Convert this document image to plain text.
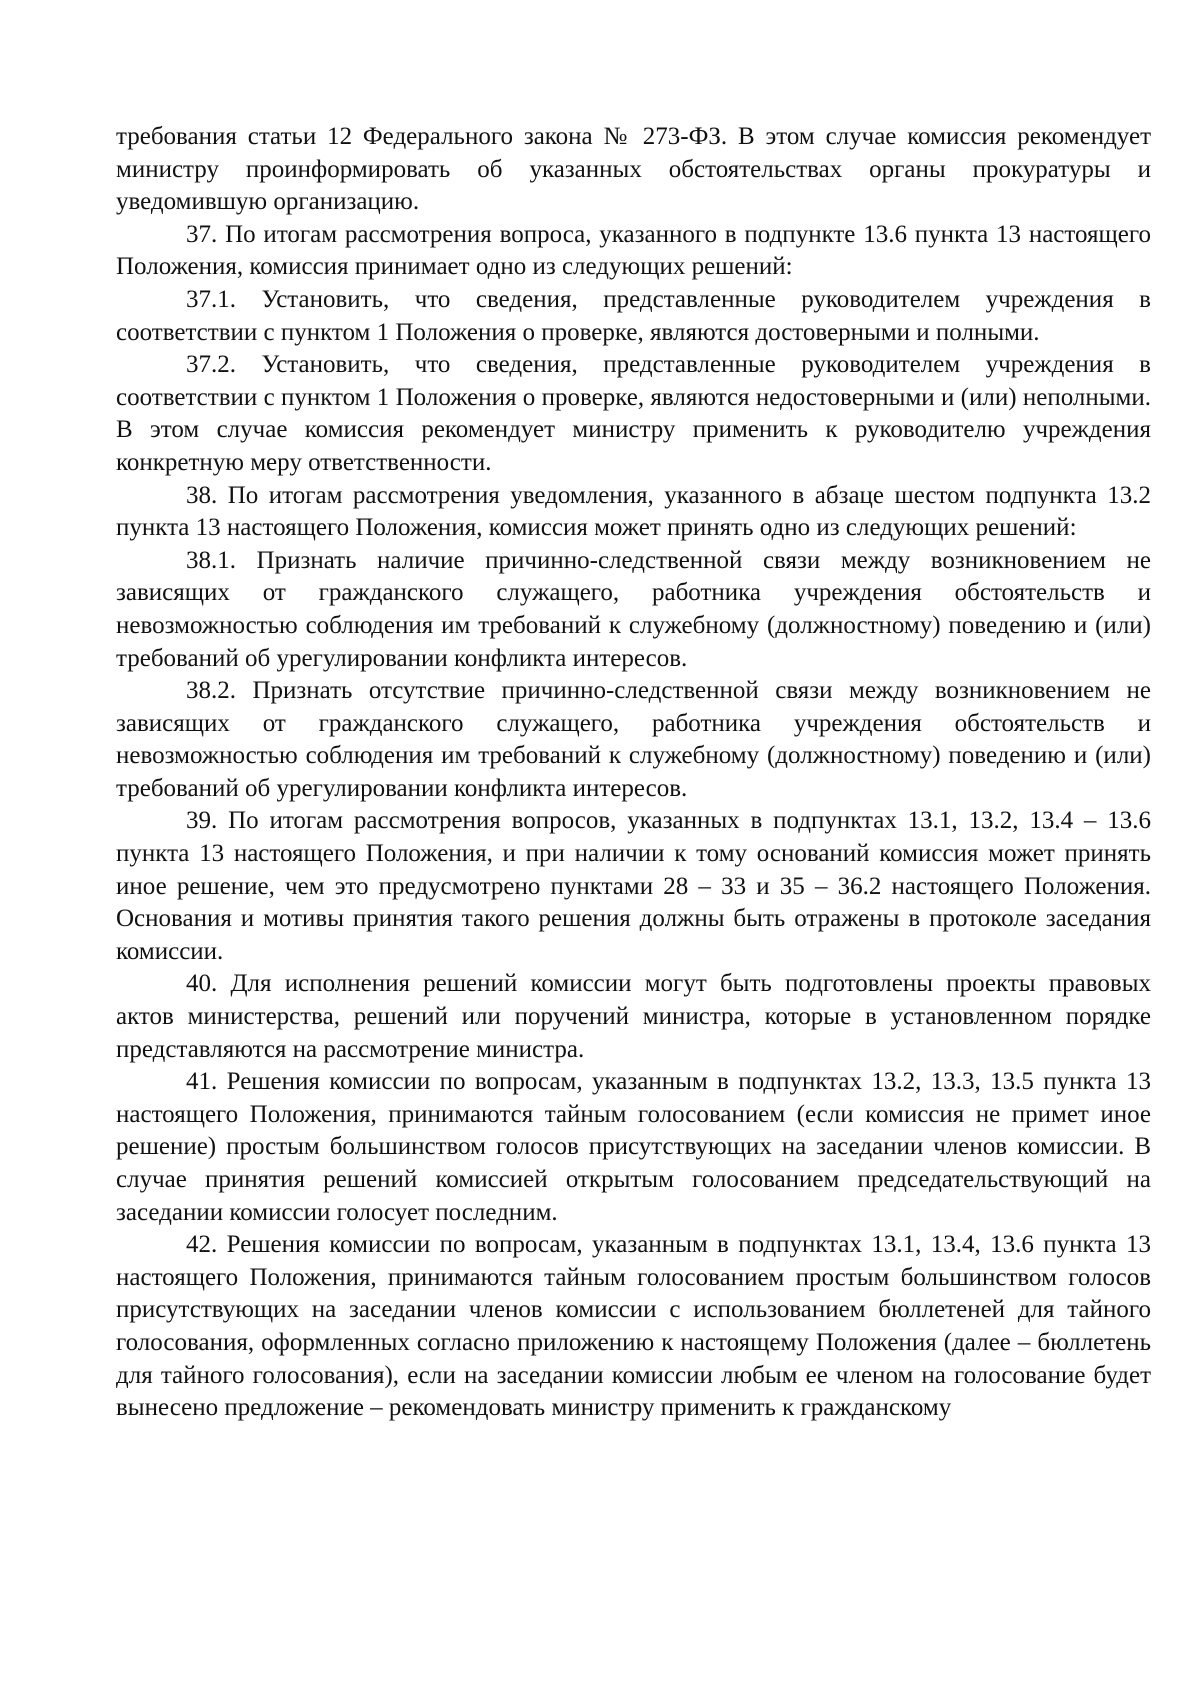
требования статьи 12 Федерального закона № 273-ФЗ. В этом случае комиссия рекомендует министру проинформировать об указанных обстоятельствах органы прокуратуры и уведомившую организацию.

37. По итогам рассмотрения вопроса, указанного в подпункте 13.6 пункта 13 настоящего Положения, комиссия принимает одно из следующих решений:

37.1. Установить, что сведения, представленные руководителем учреждения в соответствии с пунктом 1 Положения о проверке, являются достоверными и полными.

37.2. Установить, что сведения, представленные руководителем учреждения в соответствии с пунктом 1 Положения о проверке, являются недостоверными и (или) неполными. В этом случае комиссия рекомендует министру применить к руководителю учреждения конкретную меру ответственности.

38. По итогам рассмотрения уведомления, указанного в абзаце шестом подпункта 13.2 пункта 13 настоящего Положения, комиссия может принять одно из следующих решений:

38.1. Признать наличие причинно-следственной связи между возникновением не зависящих от гражданского служащего, работника учреждения обстоятельств и невозможностью соблюдения им требований к служебному (должностному) поведению и (или) требований об урегулировании конфликта интересов.

38.2. Признать отсутствие причинно-следственной связи между возникновением не зависящих от гражданского служащего, работника учреждения обстоятельств и невозможностью соблюдения им требований к служебному (должностному) поведению и (или) требований об урегулировании конфликта интересов.

39. По итогам рассмотрения вопросов, указанных в подпунктах 13.1, 13.2, 13.4 – 13.6 пункта 13 настоящего Положения, и при наличии к тому оснований комиссия может принять иное решение, чем это предусмотрено пунктами 28 – 33 и 35 – 36.2 настоящего Положения. Основания и мотивы принятия такого решения должны быть отражены в протоколе заседания комиссии.

40. Для исполнения решений комиссии могут быть подготовлены проекты правовых актов министерства, решений или поручений министра, которые в установленном порядке представляются на рассмотрение министра.

41. Решения комиссии по вопросам, указанным в подпунктах 13.2, 13.3, 13.5 пункта 13 настоящего Положения, принимаются тайным голосованием (если комиссия не примет иное решение) простым большинством голосов присутствующих на заседании членов комиссии. В случае принятия решений комиссией открытым голосованием председательствующий на заседании комиссии голосует последним.

42. Решения комиссии по вопросам, указанным в подпунктах 13.1, 13.4, 13.6 пункта 13 настоящего Положения, принимаются тайным голосованием простым большинством голосов присутствующих на заседании членов комиссии с использованием бюллетеней для тайного голосования, оформленных согласно приложению к настоящему Положения (далее – бюллетень для тайного голосования), если на заседании комиссии любым ее членом на голосование будет вынесено предложение – рекомендовать министру применить к гражданскому
